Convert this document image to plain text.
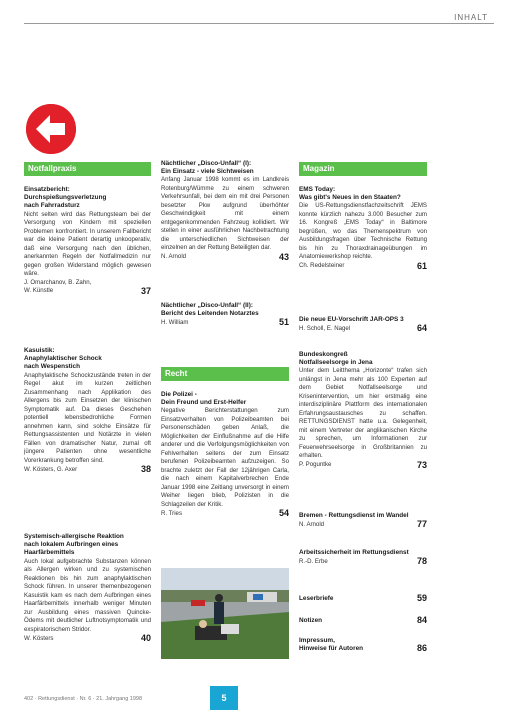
INHALT
Notfallpraxis
Einsatzbericht:
Durchspießungsverletzung
nach Fahrradsturz
Nicht selten wird das Rettungsteam bei der Versorgung von Kindern mit speziellen Problemen konfrontiert. In unserem Fallbericht war die kleine Patient derartig unkooperativ, daß eine Versorgung nach den üblichen, anerkannten Regeln der Notfallmedizin nur gegen großen Widerstand möglich gewesen wäre.
J. Omarchanov, B. Zahn,
W. Künstle	37
Kasuistik:
Anaphylaktischer Schock
nach Wespenstich
Anaphylaktische Schockzustände treten in der Regel akut im kurzen zeitlichen Zusammenhang nach Applikation des Allergens bis zum Einsetzen der klinischen Symptomatik auf. Da dieses Geschehen potentiell lebensbedrohliche Formen annehmen kann, sind solche Einsätze für Rettungsassistenten und Notärzte in vielen Fällen von dramatischer Natur, zumal oft jüngere Patienten ohne wesentliche Vorerkrankung betroffen sind.
W. Kösters, G. Axer	38
Systemisch-allergische Reaktion
nach lokalem Aufbringen eines
Haarfärbemittels
Auch lokal aufgebrachte Substanzen können als Allergen wirken und zu systemischen Reaktionen bis hin zum anaphylaktischen Schock führen. In unserer themenbezogenen Kasuistik kam es nach dem Aufbringen eines Haarfärbemittels innerhalb weniger Minuten zur Ausbildung eines massiven Quincke-Ödems mit deutlicher Luftnotsymptomatik und exspiratorischem Stridor.
W. Kösters	40
Nächtlicher „Disco-Unfall“ (I):
Ein Einsatz - viele Sichtweisen
Anfang Januar 1998 kommt es im Landkreis Rotenburg/Wümme zu einem schweren Verkehrsunfall, bei dem ein mit drei Personen besetzter Pkw aufgrund überhöhter Geschwindigkeit mit einem entgegenkommenden Fahrzeug kollidiert. Wir stellen in einer ausführlichen Nachbetrachtung die unterschiedlichen Sichtweisen der einzelnen an der Rettung Beteiligten dar.
N. Arnold	43
Nächtlicher „Disco-Unfall“ (II):
Bericht des Leitenden Notarztes
H. William	51
Recht
Die Polizei -
Dein Freund und Erst-Helfer
Negative Berichterstattungen zum Einsatzverhalten von Polizeibeamten bei Personenschäden geben Anlaß, die Möglichkeiten der Einflußnahme auf die Hilfe anderer und die Verfolgungsmöglichkeiten von Fehlverhalten seitens der zum Einsatz berufenen Polizeibeamten aufzuzeigen. So brachte zuletzt der Fall der 12jährigen Carla, die nach einem Kapitalverbrechen Ende Januar 1998 eine Zeitlang unversorgt in einem Weiher liegen blieb, Polizisten in die Schlagzeilen der Kritik.
R. Tries	54
Magazin
EMS Today:
Was gibt's Neues in den Staaten?
Die US-Rettungsdienstfachzeitschrift JEMS konnte kürzlich nahezu 3.000 Besucher zum 16. Kongreß „EMS Today“ in Baltimore begrüßen, wo das Themenspektrum von Ausbildungsfragen über Technische Rettung bis hin zu Thoraxdrainageübungen im Anatomiewerkshop reichte.
Ch. Redelsteiner	61
Die neue EU-Vorschrift JAR-OPS 3
H. Scholl, E. Nagel	64
Bundeskongreß
Notfallseelsorge in Jena
Unter dem Leitthema „Horizonte“ trafen sich unlängst in Jena mehr als 100 Experten auf dem Gebiet Notfallseelsorge und Krisenintervention, um hier erstmalig eine interdisziplinäre Plattform des internationalen Erfahrungsaustausches zu schaffen. RETTUNGSDIENST hatte u.a. Gelegenheit, mit einem Vertreter der anglikanischen Kirche zu sprechen, um Informationen zur Feuerwehrseelsorge in Großbritannien zu erhalten.
P. Poguntke	73
Bremen - Rettungsdienst im Wandel
N. Arnold	77
Arbeitssicherheit im Rettungsdienst
R.-D. Erbe	78
Leserbriefe	59
Notizen	84
Impressum,
Hinweise für Autoren	86
402 · Rettungsdienst · Nr. 6 · 21. Jahrgang 1998	5
